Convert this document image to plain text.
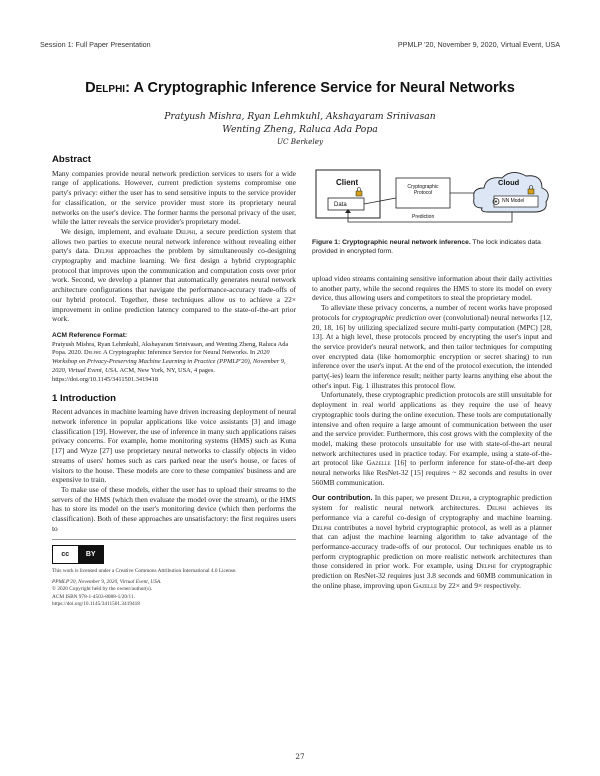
Session 1: Full Paper Presentation	PPMLP '20, November 9, 2020, Virtual Event, USA
Delphi: A Cryptographic Inference Service for Neural Networks
Pratyush Mishra, Ryan Lehmkuhl, Akshayaram Srinivasan
Wenting Zheng, Raluca Ada Popa
UC Berkeley
Abstract

Many companies provide neural network prediction services to users for a wide range of applications. However, current prediction systems compromise one party's privacy: either the user has to send sensitive inputs to the service provider for classification, or the service provider must store its proprietary neural networks on the user's device. The former harms the personal privacy of the user, while the latter reveals the service provider's proprietary model.

We design, implement, and evaluate Delphi, a secure prediction system that allows two parties to execute neural network inference without revealing either party's data. Delphi approaches the problem by simultaneously co-designing cryptography and machine learning. We first design a hybrid cryptographic protocol that improves upon the communication and computation costs over prior work. Second, we develop a planner that automatically generates neural network architecture configurations that navigate the performance-accuracy trade-offs of our hybrid protocol. Together, these techniques allow us to achieve a 22× improvement in online prediction latency compared to the state-of-the-art prior work.

ACM Reference Format:
Pratyush Mishra, Ryan Lehmkuhl, Akshayaram Srinivasan, and Wenting Zheng, Raluca Ada Popa. 2020. Delphi: A Cryptographic Inference Service for Neural Networks. In 2020 Workshop on Privacy-Preserving Machine Learning in Practice (PPMLP'20), November 9, 2020, Virtual Event, USA. ACM, New York, NY, USA, 4 pages. https://doi.org/10.1145/3411501.3419418
1 Introduction

Recent advances in machine learning have driven increasing deployment of neural network inference in popular applications like voice assistants [3] and image classification [19]. However, the use of inference in many such applications raises privacy concerns. For example, home monitoring systems (HMS) such as Kuna [17] and Wyze [27] use proprietary neural networks to classify objects in video streams of users' homes such as cars parked near the user's house, or faces of visitors to the house. These models are core to these companies' business and are expensive to train.

To make use of these models, either the user has to upload their streams to the servers of the HMS (which then evaluate the model over the stream), or the HMS has to store its model on the user's monitoring device (which then performs the classification). Both of these approaches are unsatisfactory: the first requires users to

cc	BY
This work is licensed under a Creative Commons Attribution International 4.0 License.
PPMLP'20, November 9, 2020, Virtual Event, USA.
© 2020 Copyright held by the owner/author(s).
ACM ISBN 978-1-4503-8088-1/20/11.
https://doi.org/10.1145/3411501.3419418
Client
Data
Cryptographic Protocol
Cloud
NN Model
Prediction
Figure 1: Cryptographic neural network inference. The lock indicates data provided in encrypted form.

upload video streams containing sensitive information about their daily activities to another party, while the second requires the HMS to store its model on every device, thus allowing users and competitors to steal the proprietary model.

To alleviate these privacy concerns, a number of recent works have proposed protocols for cryptographic prediction over (convolutional) neural networks [12, 20, 18, 16] by utilizing specialized secure multi-party computation (MPC) [28, 13]. At a high level, these protocols proceed by encrypting the user's input and the service provider's neural network, and then tailor techniques for computing over encrypted data (like homomorphic encryption or secret sharing) to run inference over the user's input. At the end of the protocol execution, the intended party(-ies) learn the inference result; neither party learns anything else about the other's input. Fig. 1 illustrates this protocol flow.

Unfortunately, these cryptographic prediction protocols are still unsuitable for deployment in real world applications as they require the use of heavy cryptographic tools during the online execution. These tools are computationally intensive and often require a large amount of communication between the user and the service provider. Furthermore, this cost grows with the complexity of the model, making these protocols unsuitable for use with state-of-the-art neural network architectures used in practice today. For example, using a state-of-the-art protocol like Gazelle [16] to perform inference for state-of-the-art deep neural networks like ResNet-32 [15] requires ~ 82 seconds and results in over 560MB communication.

Our contribution. In this paper, we present Delphi, a cryptographic prediction system for realistic neural network architectures. Delphi achieves its performance via a careful co-design of cryptography and machine learning. Delphi contributes a novel hybrid cryptographic protocol, as well as a planner that can adjust the machine learning algorithm to take advantage of the performance-accuracy trade-offs of our protocol. Our techniques enable us to perform cryptographic prediction on more realistic network architectures than those considered in prior work. For example, using Delphi for cryptographic prediction on ResNet-32 requires just 3.8 seconds and 60MB communication in the online phase, improving upon Gazelle by 22× and 9× respectively.

27
